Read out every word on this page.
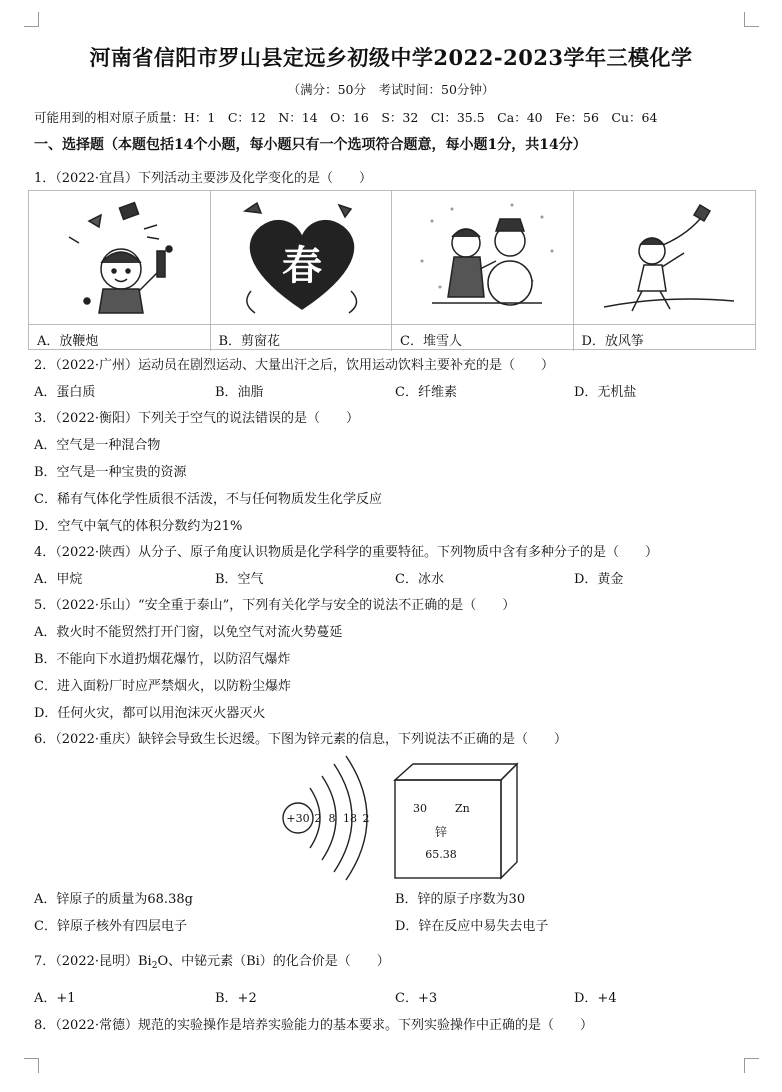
河南省信阳市罗山县定远乡初级中学2022-2023学年三模化学
（满分：50分　考试时间：50分钟）
可能用到的相对原子质量：H：1　C：12　N：14　O：16　S：32　Cl：35.5　Ca：40　Fe：56　Cu：64
一、选择题（本题包括14个小题，每小题只有一个选项符合题意，每小题1分，共14分）
1．（2022·宜昌）下列活动主要涉及化学变化的是（　　）
春
A．放鞭炮	B．剪窗花	C．堆雪人	D．放风筝
2．（2022·广州）运动员在剧烈运动、大量出汗之后，饮用运动饮料主要补充的是（　　）
A．蛋白质	B．油脂	C．纤维素	D．无机盐
3．（2022·衡阳）下列关于空气的说法错误的是（　　）
A．空气是一种混合物
B．空气是一种宝贵的资源
C．稀有气体化学性质很不活泼，不与任何物质发生化学反应
D．空气中氧气的体积分数约为21%
4．（2022·陕西）从分子、原子角度认识物质是化学科学的重要特征。下列物质中含有多种分子的是（　　）
A．甲烷	B．空气	C．冰水	D．黄金
5．（2022·乐山）“安全重于泰山”，下列有关化学与安全的说法不正确的是（　　）
A．救火时不能贸然打开门窗，以免空气对流火势蔓延
B．不能向下水道扔烟花爆竹，以防沼气爆炸
C．进入面粉厂时应严禁烟火，以防粉尘爆炸
D．任何火灾，都可以用泡沫灭火器灭火
6．（2022·重庆）缺锌会导致生长迟缓。下图为锌元素的信息，下列说法不正确的是（　　）
+30 2 8 18 2
30	Zn
锌
65.38
A．锌原子的质量为68.38g	B．锌的原子序数为30
C．锌原子核外有四层电子	D．锌在反应中易失去电子
7．（2022·昆明）$Bi_2O$、中铋元素（Bi）的化合价是（　　）
A．+1	B．+2	C．+3	D．+4
8．（2022·常德）规范的实验操作是培养实验能力的基本要求。下列实验操作中正确的是（　　）
